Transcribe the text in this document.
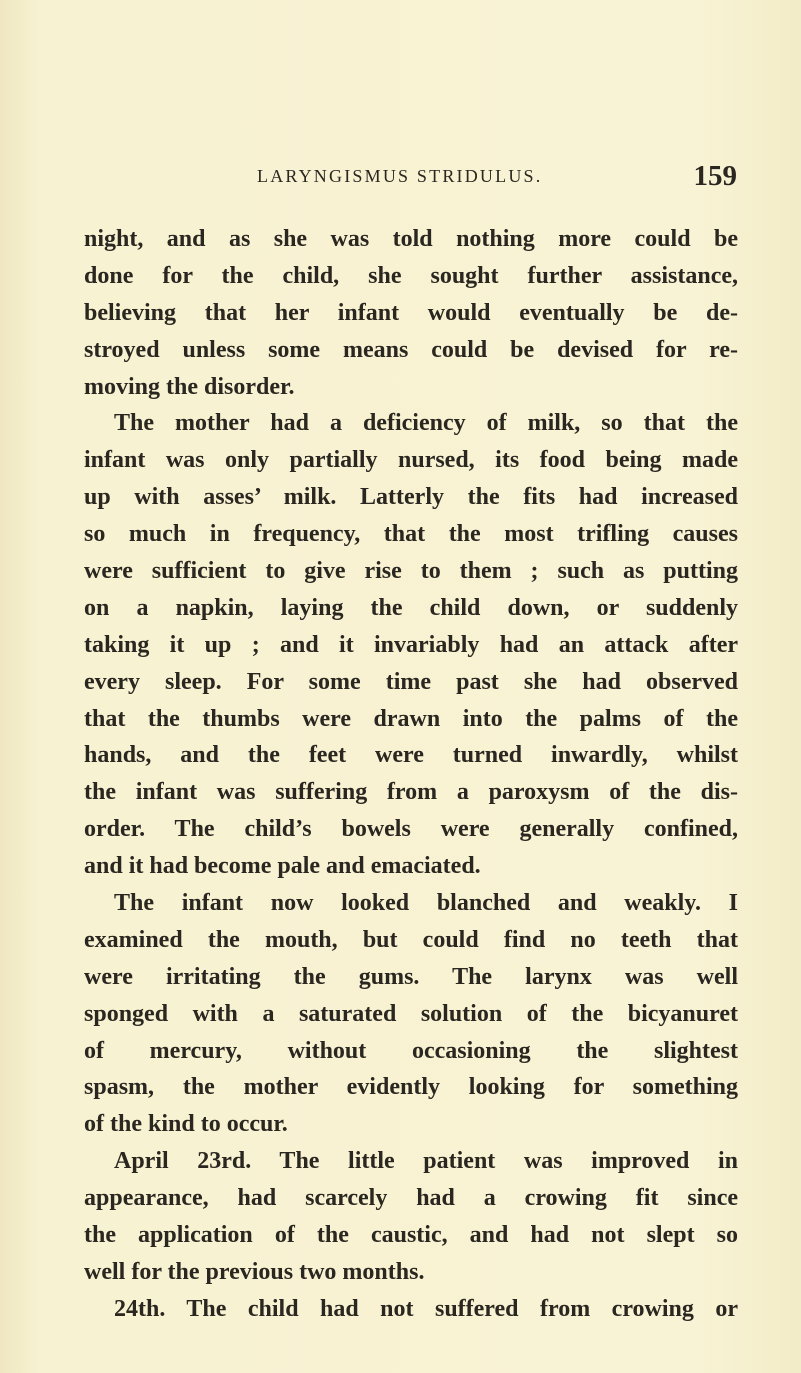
LARYNGISMUS STRIDULUS.	159
night, and as she was told nothing more could be
done for the child, she sought further assistance,
believing that her infant would eventually be de-
stroyed unless some means could be devised for re-
moving the disorder.
The mother had a deficiency of milk, so that the
infant was only partially nursed, its food being made
up with asses’ milk. Latterly the fits had increased
so much in frequency, that the most trifling causes
were sufficient to give rise to them ; such as putting
on a napkin, laying the child down, or suddenly
taking it up ; and it invariably had an attack after
every sleep. For some time past she had observed
that the thumbs were drawn into the palms of the
hands, and the feet were turned inwardly, whilst
the infant was suffering from a paroxysm of the dis-
order. The child’s bowels were generally confined,
and it had become pale and emaciated.
The infant now looked blanched and weakly. I
examined the mouth, but could find no teeth that
were irritating the gums. The larynx was well
sponged with a saturated solution of the bicyanuret
of mercury, without occasioning the slightest
spasm, the mother evidently looking for something
of the kind to occur.
April 23rd. The little patient was improved in
appearance, had scarcely had a crowing fit since
the application of the caustic, and had not slept so
well for the previous two months.
24th. The child had not suffered from crowing or
